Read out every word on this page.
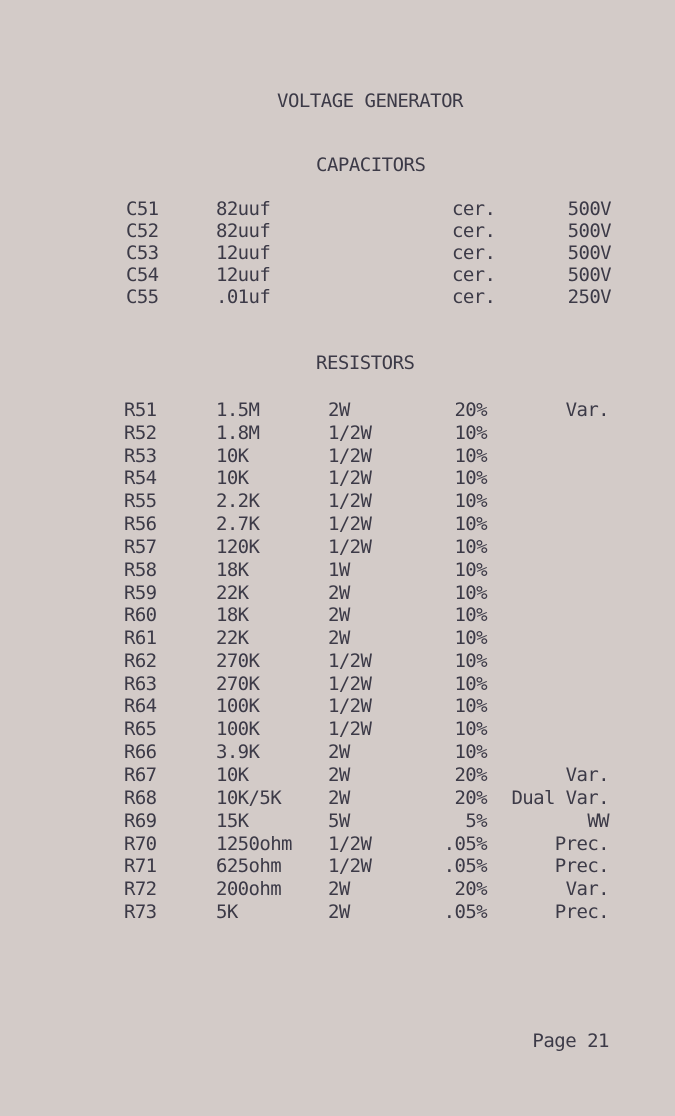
VOLTAGE GENERATOR
CAPACITORS
C51	82uuf	cer.	500V
C52	82uuf	cer.	500V
C53	12uuf	cer.	500V
C54	12uuf	cer.	500V
C55	.01uf	cer.	250V
RESISTORS
R51	1.5M	2W	20%	Var.
R52	1.8M	1/2W	10%
R53	10K	1/2W	10%
R54	10K	1/2W	10%
R55	2.2K	1/2W	10%
R56	2.7K	1/2W	10%
R57	120K	1/2W	10%
R58	18K	1W	10%
R59	22K	2W	10%
R60	18K	2W	10%
R61	22K	2W	10%
R62	270K	1/2W	10%
R63	270K	1/2W	10%
R64	100K	1/2W	10%
R65	100K	1/2W	10%
R66	3.9K	2W	10%
R67	10K	2W	20%	Var.
R68	10K/5K 2W	20% Dual Var.
R69	15K	5W	5%	WW
R70	1250ohm 1/2W	.05%	Prec.
R71	625ohm 1/2W	.05%	Prec.
R72	200ohm 2W	20%	Var.
R73	5K	2W	.05%	Prec.
Page 21
